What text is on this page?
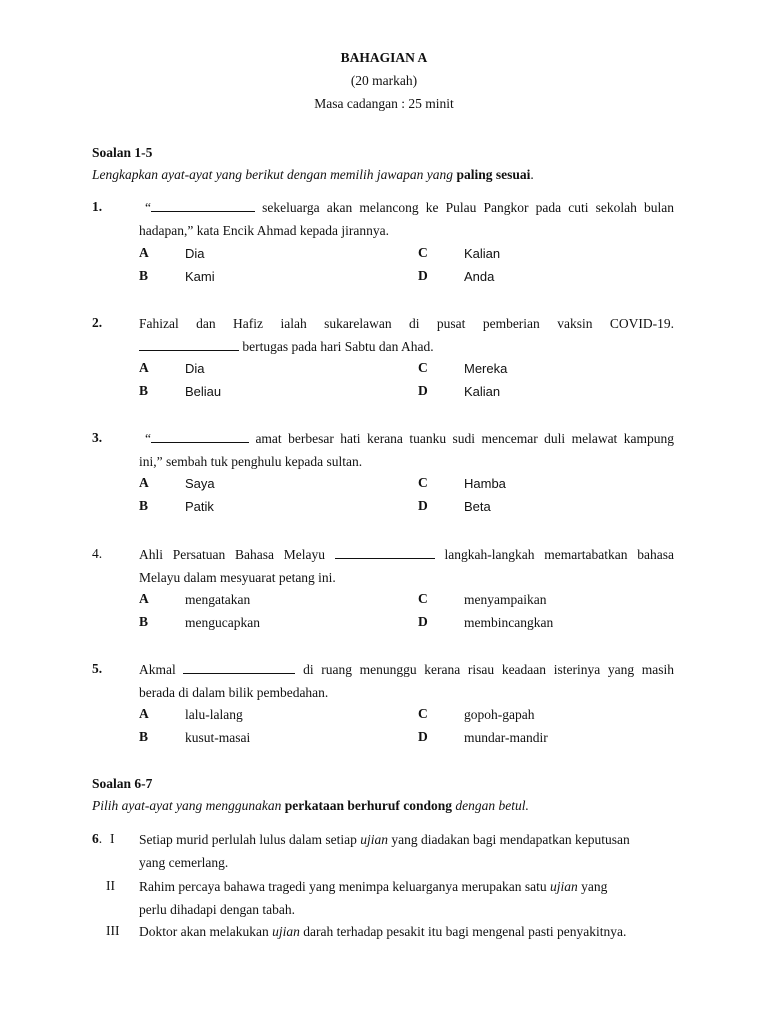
BAHAGIAN A
(20 markah)
Masa cadangan : 25 minit
Soalan 1-5
Lengkapkan ayat-ayat yang berikut dengan memilih jawapan yang paling sesuai.
1.	“	sekeluarga akan melancong ke Pulau Pangkor pada cuti sekolah bulan
hadapan,” kata Encik Ahmad kepada jirannya.
A	Dia	C	Kalian
B	Kami	D	Anda
2.	Fahizal dan Hafiz ialah sukarelawan di pusat pemberian vaksin COVID-19.
bertugas pada hari Sabtu dan Ahad.
A	Dia	C	Mereka
B	Beliau	D	Kalian
3.	“	amat berbesar hati kerana tuanku sudi mencemar duli melawat kampung
ini,” sembah tuk penghulu kepada sultan.
A	Saya	C	Hamba
B	Patik	D	Beta
4.	Ahli Persatuan Bahasa Melayu	langkah-langkah memartabatkan bahasa
Melayu dalam mesyuarat petang ini.
A	mengatakan	C	menyampaikan
B	mengucapkan	D	membincangkan
5.	Akmal	di ruang menunggu kerana risau keadaan isterinya yang masih
berada di dalam bilik pembedahan.
A	lalu-lalang	C	gopoh-gapah
B	kusut-masai	D	mundar-mandir
Soalan 6-7
Pilih ayat-ayat yang menggunakan perkataan berhuruf condong dengan betul.
6. I Setiap murid perlulah lulus dalam setiap ujian yang diadakan bagi mendapatkan keputusan
yang cemerlang.
II Rahim percaya bahawa tragedi yang menimpa keluarganya merupakan satu ujian yang
perlu dihadapi dengan tabah.
III Doktor akan melakukan ujian darah terhadap pesakit itu bagi mengenal pasti penyakitnya.
